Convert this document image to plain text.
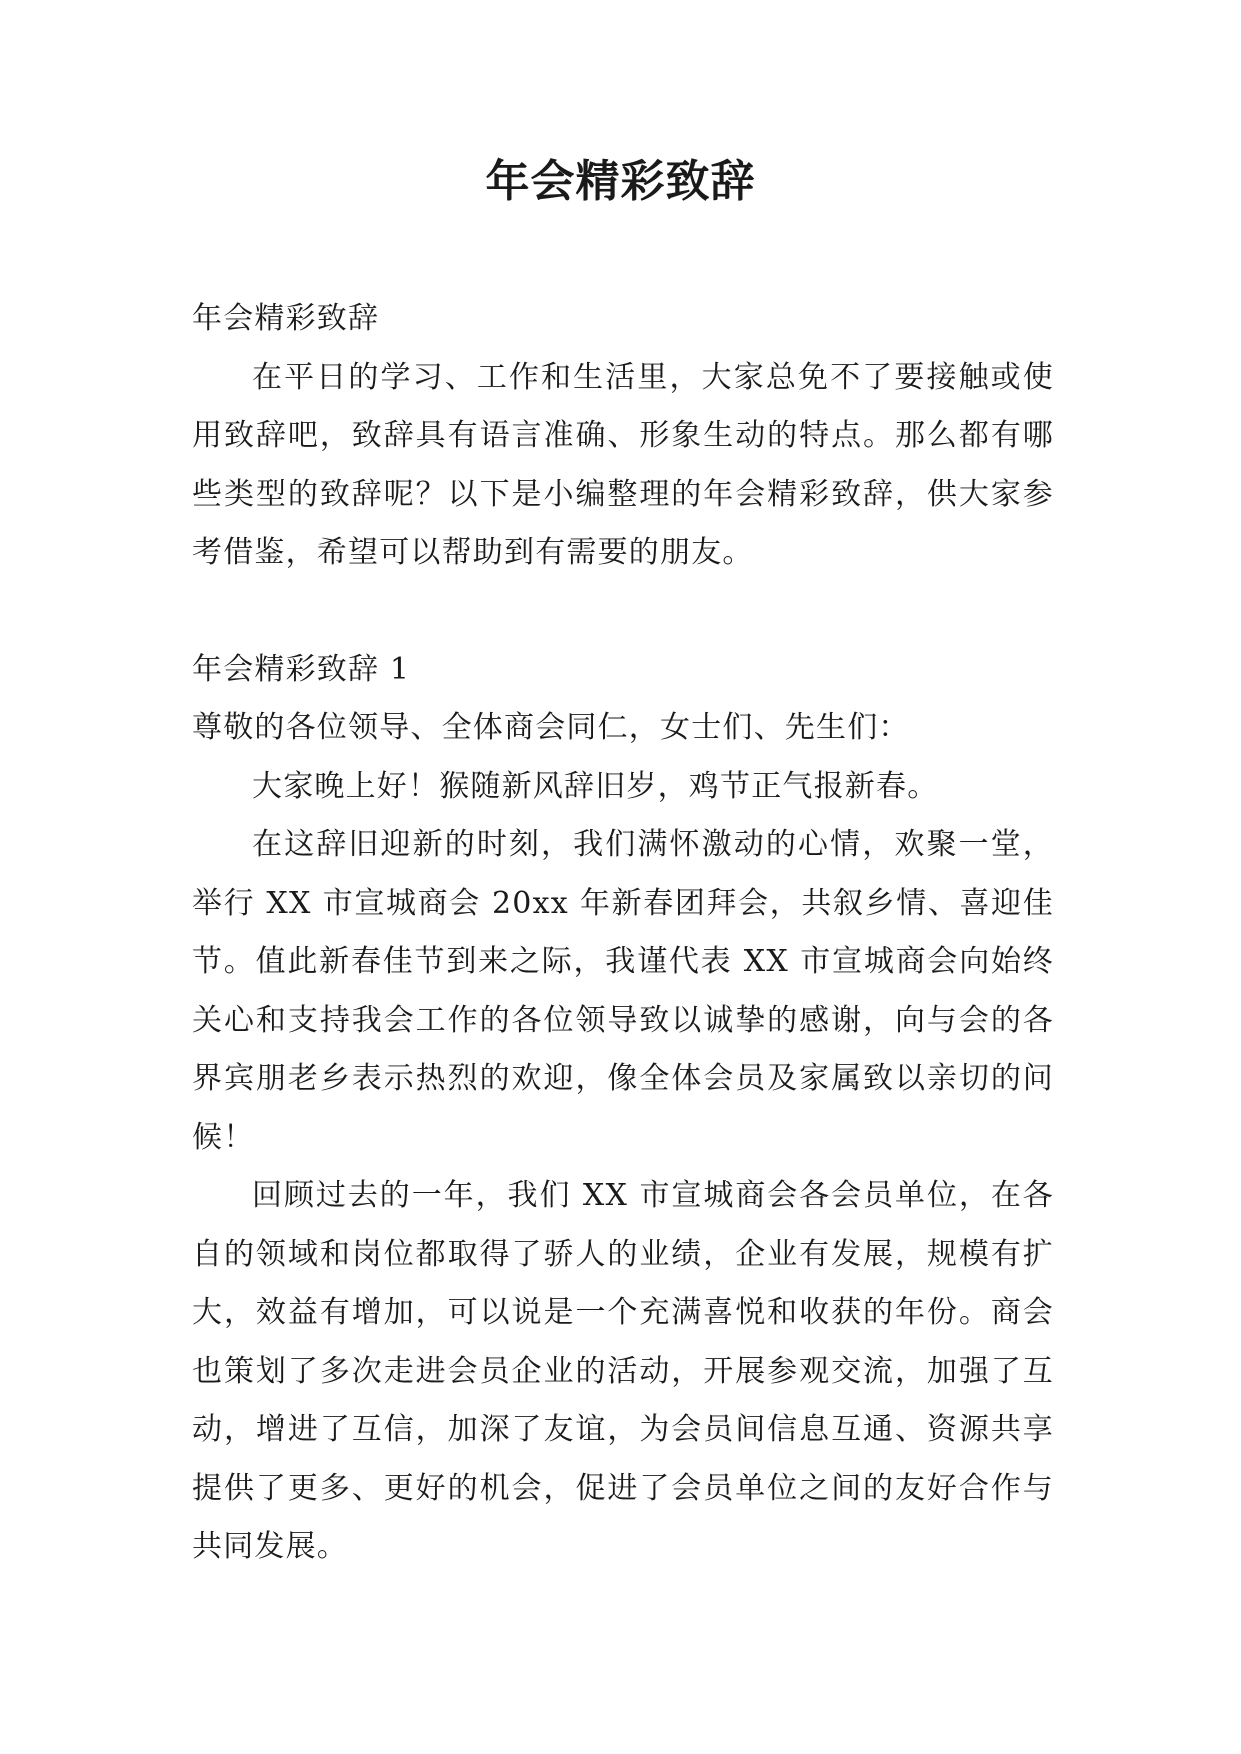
年会精彩致辞

年会精彩致辞

在平日的学习、工作和生活里，大家总免不了要接触或使用致辞吧，致辞具有语言准确、形象生动的特点。那么都有哪些类型的致辞呢？以下是小编整理的年会精彩致辞，供大家参考借鉴，希望可以帮助到有需要的朋友。

年会精彩致辞 1

尊敬的各位领导、全体商会同仁，女士们、先生们：

大家晚上好！猴随新风辞旧岁，鸡节正气报新春。

在这辞旧迎新的时刻，我们满怀激动的心情，欢聚一堂，举行 XX 市宣城商会 20xx 年新春团拜会，共叙乡情、喜迎佳节。值此新春佳节到来之际，我谨代表 XX 市宣城商会向始终关心和支持我会工作的各位领导致以诚挚的感谢，向与会的各界宾朋老乡表示热烈的欢迎，像全体会员及家属致以亲切的问候！

回顾过去的一年，我们 XX 市宣城商会各会员单位，在各自的领域和岗位都取得了骄人的业绩，企业有发展，规模有扩大，效益有增加，可以说是一个充满喜悦和收获的年份。商会也策划了多次走进会员企业的活动，开展参观交流，加强了互动，增进了互信，加深了友谊，为会员间信息互通、资源共享提供了更多、更好的机会，促进了会员单位之间的友好合作与共同发展。
